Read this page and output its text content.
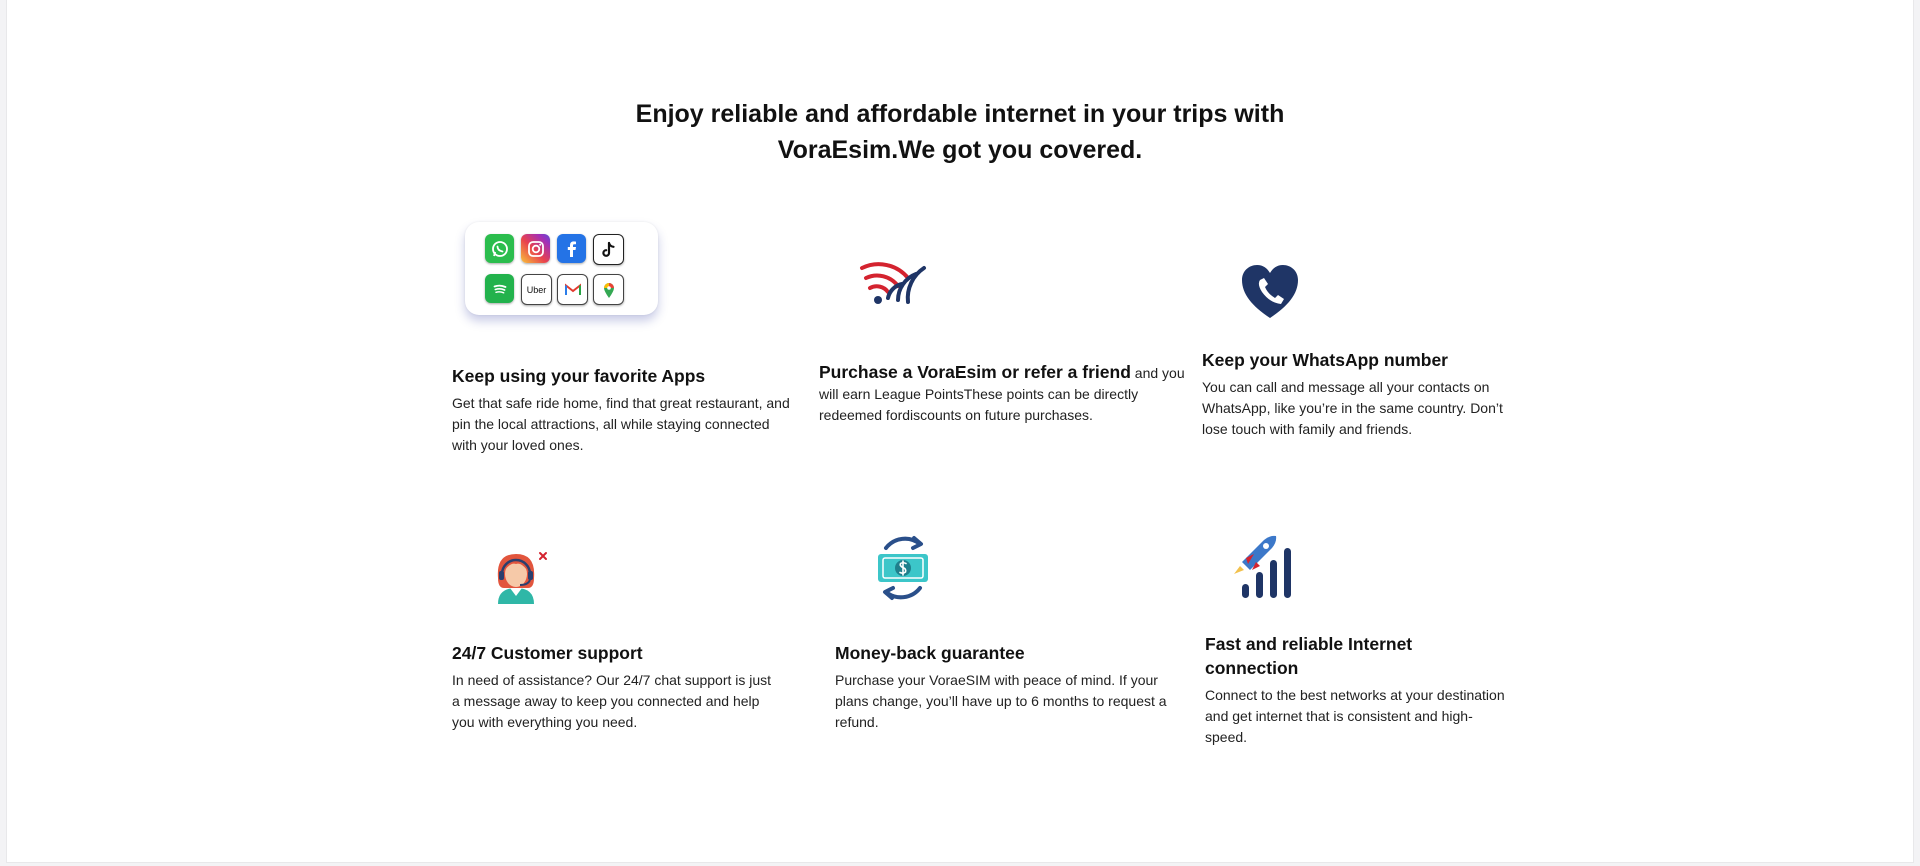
Enjoy reliable and affordable internet in your trips with
VoraEsim.We got you covered.
Uber
Keep using your favorite Apps

Get that safe ride home, find that great restaurant, and pin the local attractions, all while staying connected with your loved ones.

Purchase a VoraEsim or refer a friend and you will earn League PointsThese points can be directly redeemed fordiscounts on future purchases.

Keep your WhatsApp number

You can call and message all your contacts on WhatsApp, like you’re in the same country. Don’t lose touch with family and friends.

24/7 Customer support

In need of assistance? Our 24/7 chat support is just a message away to keep you connected and help you with everything you need.

Money-back guarantee

Purchase your VoraeSIM with peace of mind. If your plans change, you’ll have up to 6 months to request a refund.

Fast and reliable Internet connection

Connect to the best networks at your destination and get internet that is consistent and high-speed.
